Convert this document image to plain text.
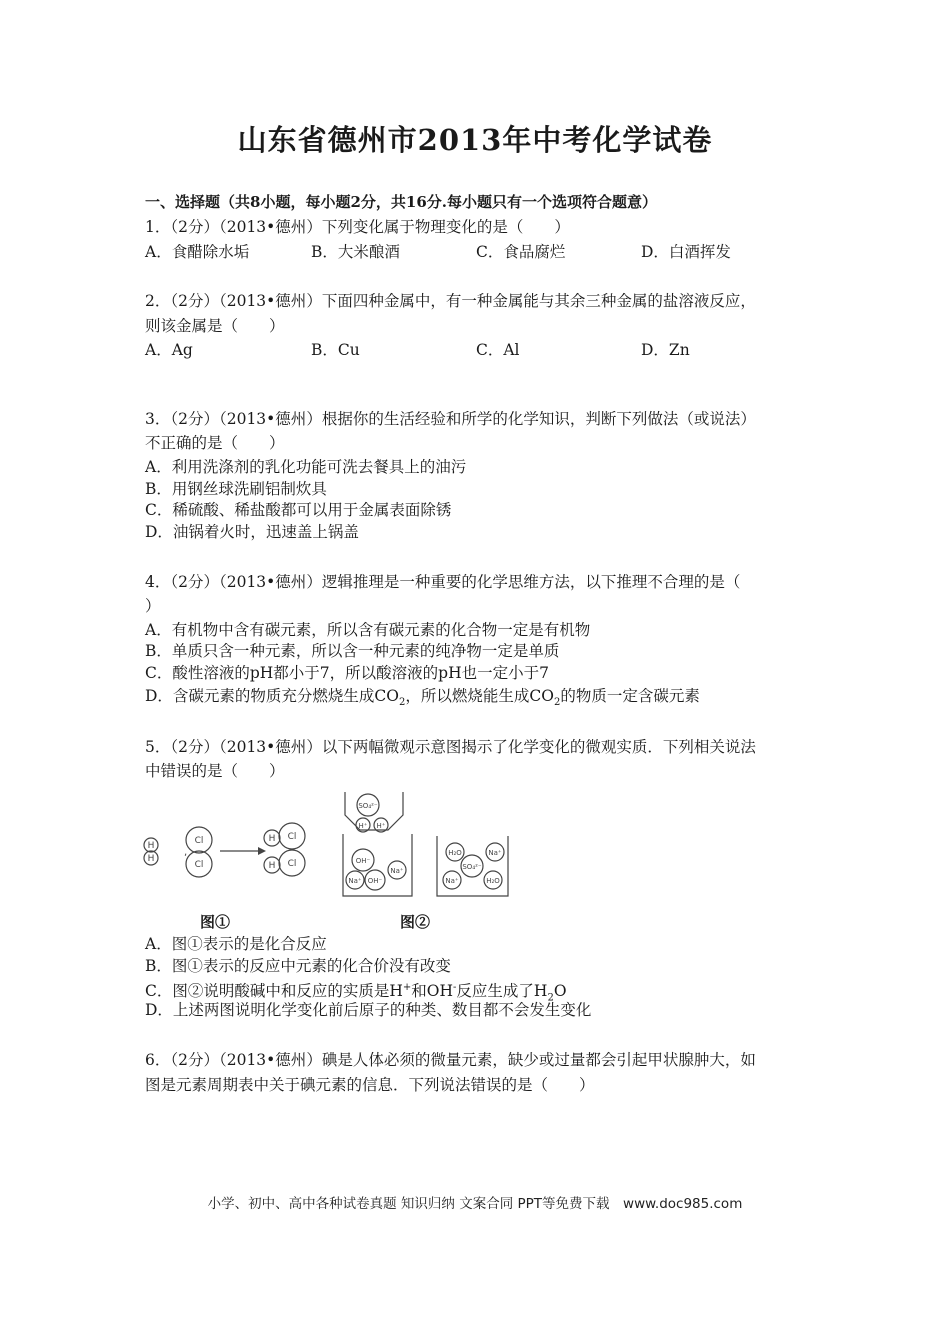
山东省德州市2013年中考化学试卷
一、选择题（共8小题，每小题2分，共16分.每小题只有一个选项符合题意）
1．（2分）（2013•德州）下列变化属于物理变化的是（　　）
A．食醋除水垢	B．大米酿酒	C．食品腐烂	D．白酒挥发
2．（2分）（2013•德州）下面四种金属中，有一种金属能与其余三种金属的盐溶液反应，
则该金属是（　　）
A．Ag	B．Cu	C．Al	D．Zn
3．（2分）（2013•德州）根据你的生活经验和所学的化学知识，判断下列做法（或说法）
不正确的是（　　）
A．利用洗涤剂的乳化功能可洗去餐具上的油污
B．用钢丝球洗刷铝制炊具
C．稀硫酸、稀盐酸都可以用于金属表面除锈
D．油锅着火时，迅速盖上锅盖
4．（2分）（2013•德州）逻辑推理是一种重要的化学思维方法，以下推理不合理的是（
）
A．有机物中含有碳元素，所以含有碳元素的化合物一定是有机物
B．单质只含一种元素，所以含一种元素的纯净物一定是单质
C．酸性溶液的pH都小于7，所以酸溶液的pH也一定小于7
D．含碳元素的物质充分燃烧生成$CO_2$，所以燃烧能生成$CO_2$的物质一定含碳元素
5．（2分）（2013•德州）以下两幅微观示意图揭示了化学变化的微观实质．下列相关说法
中错误的是（　　）
,
H
H
Cl
Cl
H Cl
H Cl
SO₄²⁻
H⁺ H⁺
OH⁻
Na⁺
Na⁺ OH⁻
H₂O	Na⁺
SO₄²⁻
Na⁺	H₂O
图①	图②
A．图①表示的是化合反应
B．图①表示的反应中元素的化合价没有改变
C．图②说明酸碱中和反应的实质是H+和OH-反应生成了$H_2O$
D．上述两图说明化学变化前后原子的种类、数目都不会发生变化
6．（2分）（2013•德州）碘是人体必须的微量元素，缺少或过量都会引起甲状腺肿大，如
图是元素周期表中关于碘元素的信息．下列说法错误的是（　　）
小学、初中、高中各种试卷真题 知识归纳 文案合同 PPT等免费下载　www.doc985.com
